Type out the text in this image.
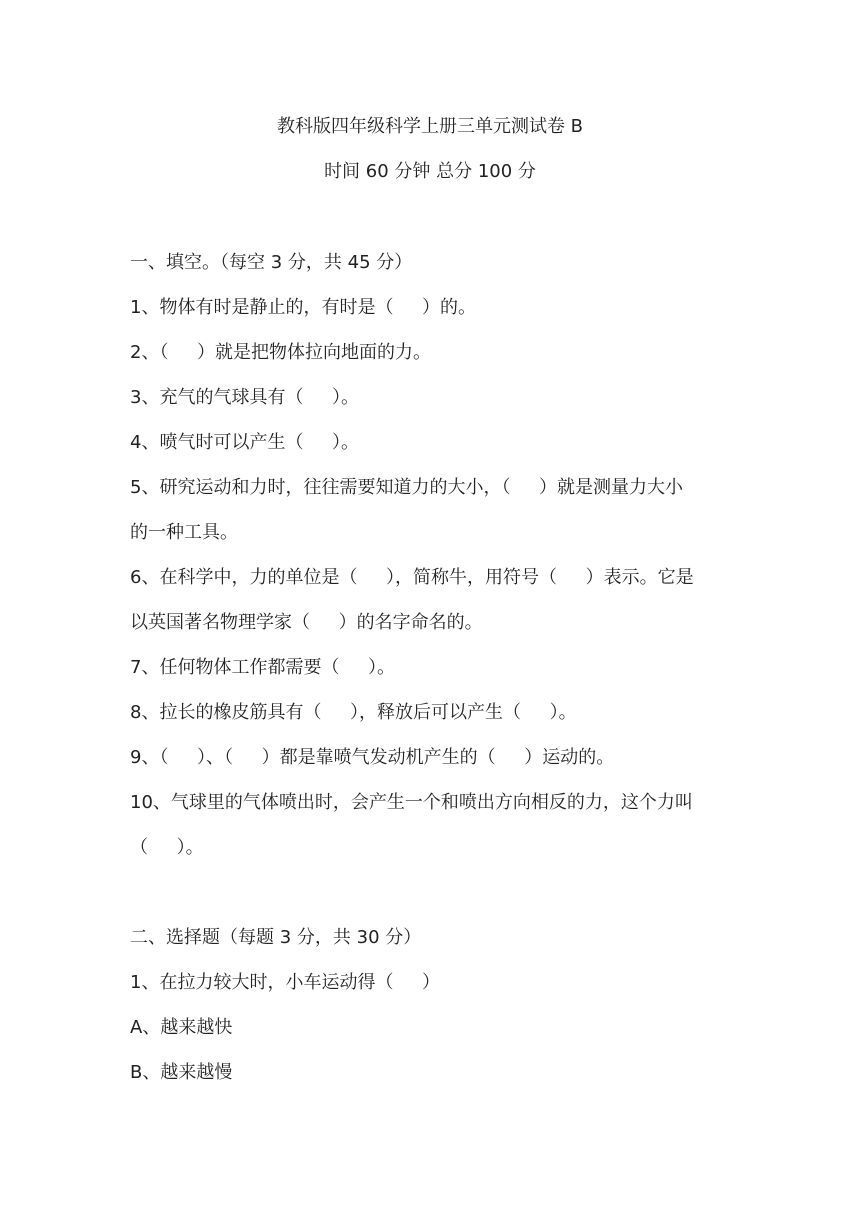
教科版四年级科学上册三单元测试卷 B
时间 60 分钟 总分 100 分
一、填空。（每空 3 分，共 45 分）
1、物体有时是静止的，有时是（     ）的。
2、（     ）就是把物体拉向地面的力。
3、充气的气球具有（     ）。
4、喷气时可以产生（     ）。
5、研究运动和力时，往往需要知道力的大小，（     ）就是测量力大小
的一种工具。
6、在科学中，力的单位是（     ），简称牛，用符号（     ）表示。它是
以英国著名物理学家（     ）的名字命名的。
7、任何物体工作都需要（     ）。
8、拉长的橡皮筋具有（     ），释放后可以产生（     ）。
9、（     ）、（     ）都是靠喷气发动机产生的（     ）运动的。
10、气球里的气体喷出时，会产生一个和喷出方向相反的力，这个力叫
（     ）。
二、选择题（每题 3 分，共 30 分）
1、在拉力较大时，小车运动得（     ）
A、越来越快
B、越来越慢
